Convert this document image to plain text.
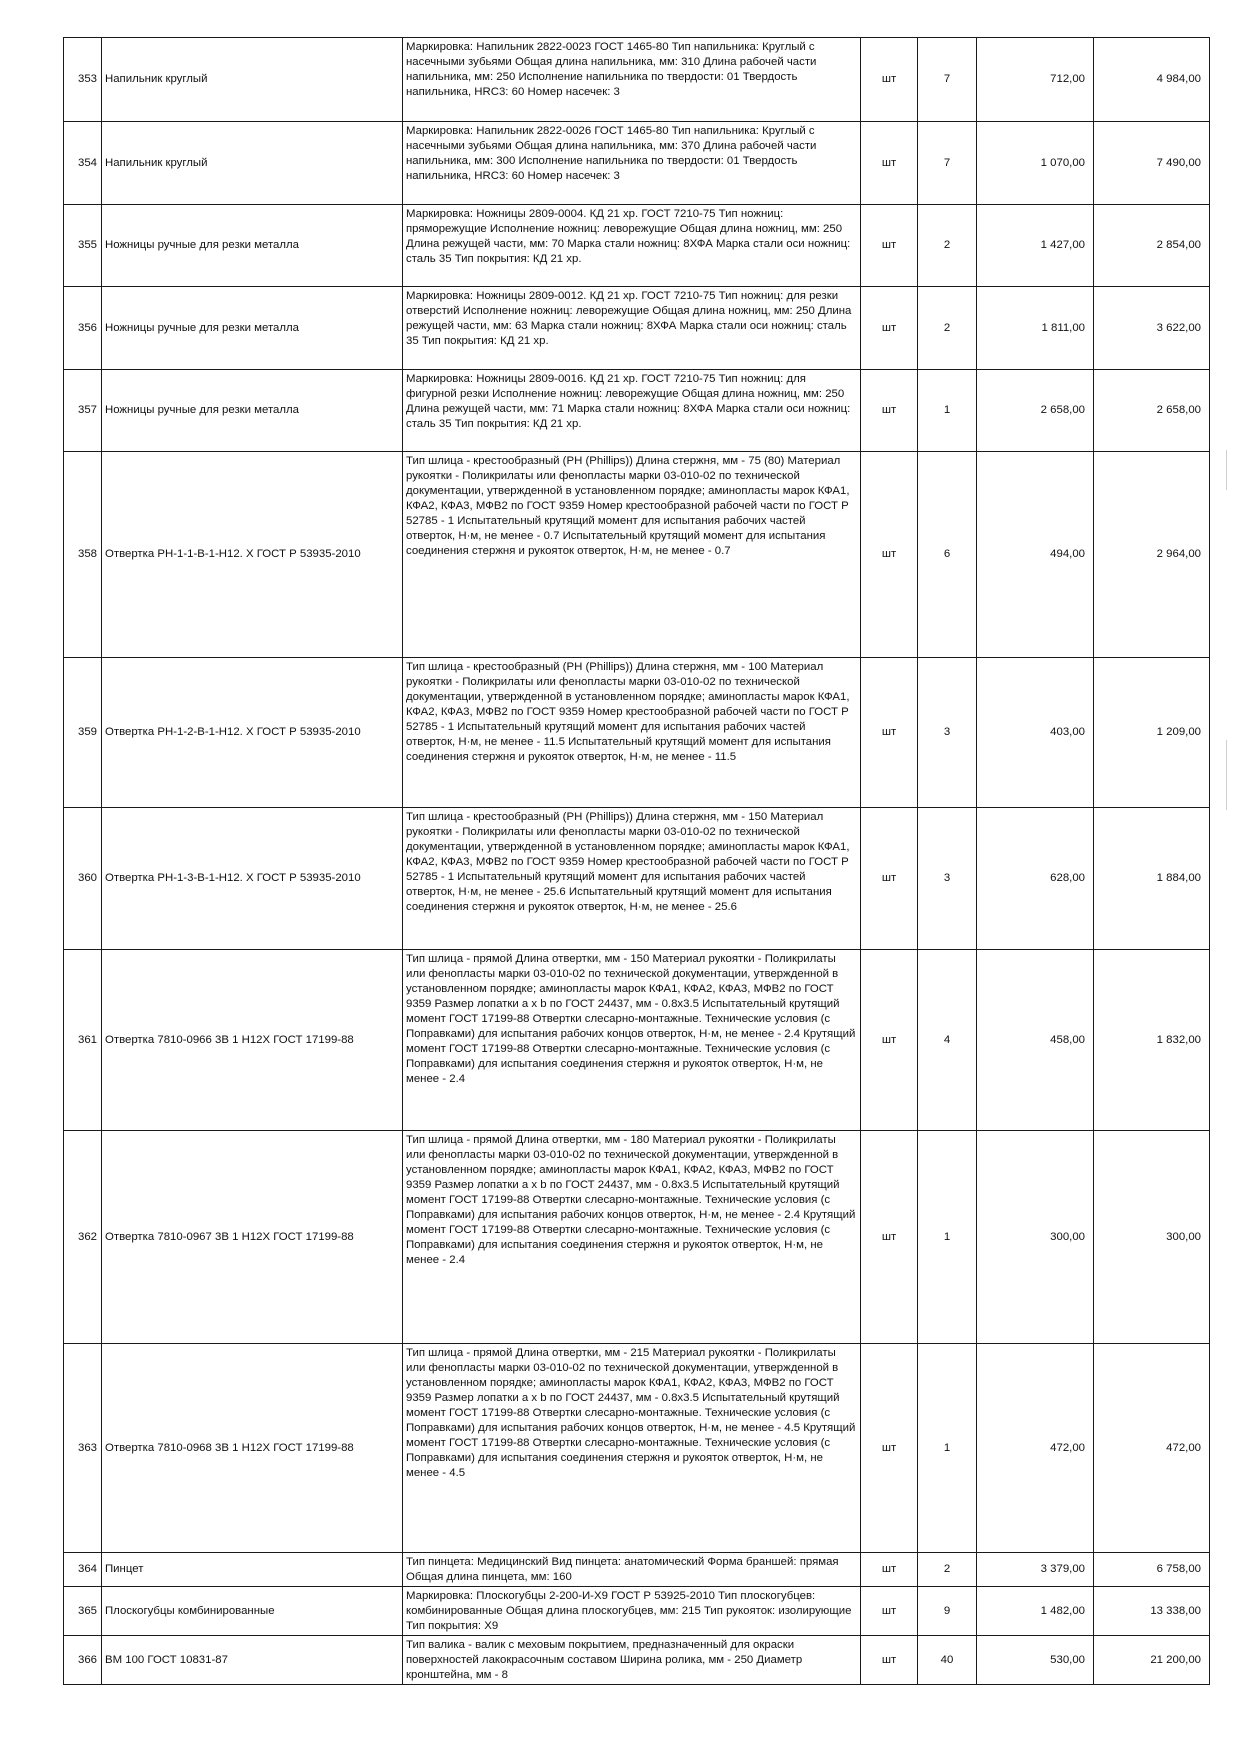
353	Напильник круглый	Маркировка: Напильник 2822-0023 ГОСТ 1465-80 Тип напильника: Круглый с насечными зубьями Общая длина напильника, мм: 310 Длина рабочей части напильника, мм: 250 Исполнение напильника по твердости: 01 Твердость напильника, HRC3: 60 Номер насечек: 3	шт	7	712,00	4 984,00
354	Напильник круглый	Маркировка: Напильник 2822-0026 ГОСТ 1465-80 Тип напильника: Круглый с насечными зубьями Общая длина напильника, мм: 370 Длина рабочей части напильника, мм: 300 Исполнение напильника по твердости: 01 Твердость напильника, HRC3: 60 Номер насечек: 3	шт	7	1 070,00	7 490,00
355	Ножницы ручные для резки металла	Маркировка: Ножницы 2809-0004. КД 21 хр. ГОСТ 7210-75 Тип ножниц: пряморежущие Исполнение ножниц: леворежущие Общая длина ножниц, мм: 250 Длина режущей части, мм: 70 Марка стали ножниц: 8ХФА Марка стали оси ножниц: сталь 35 Тип покрытия: КД 21 хр.	шт	2	1 427,00	2 854,00
356	Ножницы ручные для резки металла	Маркировка: Ножницы 2809-0012. КД 21 хр. ГОСТ 7210-75 Тип ножниц: для резки отверстий Исполнение ножниц: леворежущие Общая длина ножниц, мм: 250 Длина режущей части, мм: 63 Марка стали ножниц: 8ХФА Марка стали оси ножниц: сталь 35 Тип покрытия: КД 21 хр.	шт	2	1 811,00	3 622,00
357	Ножницы ручные для резки металла	Маркировка: Ножницы 2809-0016. КД 21 хр. ГОСТ 7210-75 Тип ножниц: для фигурной резки Исполнение ножниц: леворежущие Общая длина ножниц, мм: 250 Длина режущей части, мм: 71 Марка стали ножниц: 8ХФА Марка стали оси ножниц: сталь 35 Тип покрытия: КД 21 хр.	шт	1	2 658,00	2 658,00
358	Отвертка PH-1-1-B-1-H12. X ГОСТ Р 53935-2010	Тип шлица - крестообразный (PH (Phillips)) Длина стержня, мм - 75 (80) Материал рукоятки - Поликрилаты или фенопласты марки 03-010-02 по технической документации, утвержденной в установленном порядке; аминопласты марок КФА1, КФА2, КФА3, МФВ2 по ГОСТ 9359 Номер крестообразной рабочей части по ГОСТ Р 52785 - 1 Испытательный крутящий момент для испытания рабочих частей отверток, Н·м, не менее - 0.7 Испытательный крутящий момент для испытания соединения стержня и рукояток отверток, Н·м, не менее - 0.7	шт	6	494,00	2 964,00
359	Отвертка PH-1-2-B-1-H12. X ГОСТ Р 53935-2010	Тип шлица - крестообразный (PH (Phillips)) Длина стержня, мм - 100 Материал рукоятки - Поликрилаты или фенопласты марки 03-010-02 по технической документации, утвержденной в установленном порядке; аминопласты марок КФА1, КФА2, КФА3, МФВ2 по ГОСТ 9359 Номер крестообразной рабочей части по ГОСТ Р 52785 - 1 Испытательный крутящий момент для испытания рабочих частей отверток, Н·м, не менее - 11.5 Испытательный крутящий момент для испытания соединения стержня и рукояток отверток, Н·м, не менее - 11.5	шт	3	403,00	1 209,00
360	Отвертка PH-1-3-B-1-H12. X ГОСТ Р 53935-2010	Тип шлица - крестообразный (PH (Phillips)) Длина стержня, мм - 150 Материал рукоятки - Поликрилаты или фенопласты марки 03-010-02 по технической документации, утвержденной в установленном порядке; аминопласты марок КФА1, КФА2, КФА3, МФВ2 по ГОСТ 9359 Номер крестообразной рабочей части по ГОСТ Р 52785 - 1 Испытательный крутящий момент для испытания рабочих частей отверток, Н·м, не менее - 25.6 Испытательный крутящий момент для испытания соединения стержня и рукояток отверток, Н·м, не менее - 25.6	шт	3	628,00	1 884,00
361	Отвертка 7810-0966 3В 1 Н12Х ГОСТ 17199-88	Тип шлица - прямой Длина отвертки, мм - 150 Материал рукоятки - Поликрилаты или фенопласты марки 03-010-02 по технической документации, утвержденной в установленном порядке; аминопласты марок КФА1, КФА2, КФА3, МФВ2 по ГОСТ 9359 Размер лопатки а х b по ГОСТ 24437, мм - 0.8х3.5 Испытательный крутящий момент ГОСТ 17199-88 Отвертки слесарно-монтажные. Технические условия (с Поправками) для испытания рабочих концов отверток, Н·м, не менее - 2.4 Крутящий момент ГОСТ 17199-88 Отвертки слесарно-монтажные. Технические условия (с Поправками) для испытания соединения стержня и рукояток отверток, Н·м, не менее - 2.4	шт	4	458,00	1 832,00
362	Отвертка 7810-0967 3В 1 Н12Х ГОСТ 17199-88	Тип шлица - прямой Длина отвертки, мм - 180 Материал рукоятки - Поликрилаты или фенопласты марки 03-010-02 по технической документации, утвержденной в установленном порядке; аминопласты марок КФА1, КФА2, КФА3, МФВ2 по ГОСТ 9359 Размер лопатки а х b по ГОСТ 24437, мм - 0.8х3.5 Испытательный крутящий момент ГОСТ 17199-88 Отвертки слесарно-монтажные. Технические условия (с Поправками) для испытания рабочих концов отверток, Н·м, не менее - 2.4 Крутящий момент ГОСТ 17199-88 Отвертки слесарно-монтажные. Технические условия (с Поправками) для испытания соединения стержня и рукояток отверток, Н·м, не менее - 2.4	шт	1	300,00	300,00
363	Отвертка 7810-0968 3В 1 Н12Х ГОСТ 17199-88	Тип шлица - прямой Длина отвертки, мм - 215 Материал рукоятки - Поликрилаты или фенопласты марки 03-010-02 по технической документации, утвержденной в установленном порядке; аминопласты марок КФА1, КФА2, КФА3, МФВ2 по ГОСТ 9359 Размер лопатки а х b по ГОСТ 24437, мм - 0.8х3.5 Испытательный крутящий момент ГОСТ 17199-88 Отвертки слесарно-монтажные. Технические условия (с Поправками) для испытания рабочих концов отверток, Н·м, не менее - 4.5 Крутящий момент ГОСТ 17199-88 Отвертки слесарно-монтажные. Технические условия (с Поправками) для испытания соединения стержня и рукояток отверток, Н·м, не менее - 4.5	шт	1	472,00	472,00
364	Пинцет	Тип пинцета: Медицинский Вид пинцета: анатомический Форма браншей: прямая Общая длина пинцета, мм: 160	шт	2	3 379,00	6 758,00
365	Плоскогубцы комбинированные	Маркировка: Плоскогубцы 2-200-И-Х9 ГОСТ Р 53925-2010 Тип плоскогубцев: комбинированные Общая длина плоскогубцев, мм: 215 Тип рукояток: изолирующие Тип покрытия: Х9	шт	9	1 482,00	13 338,00
366	ВМ 100 ГОСТ 10831-87	Тип валика - валик с меховым покрытием, предназначенный для окраски поверхностей лакокрасочным составом Ширина ролика, мм - 250 Диаметр кронштейна, мм - 8	шт	40	530,00	21 200,00
